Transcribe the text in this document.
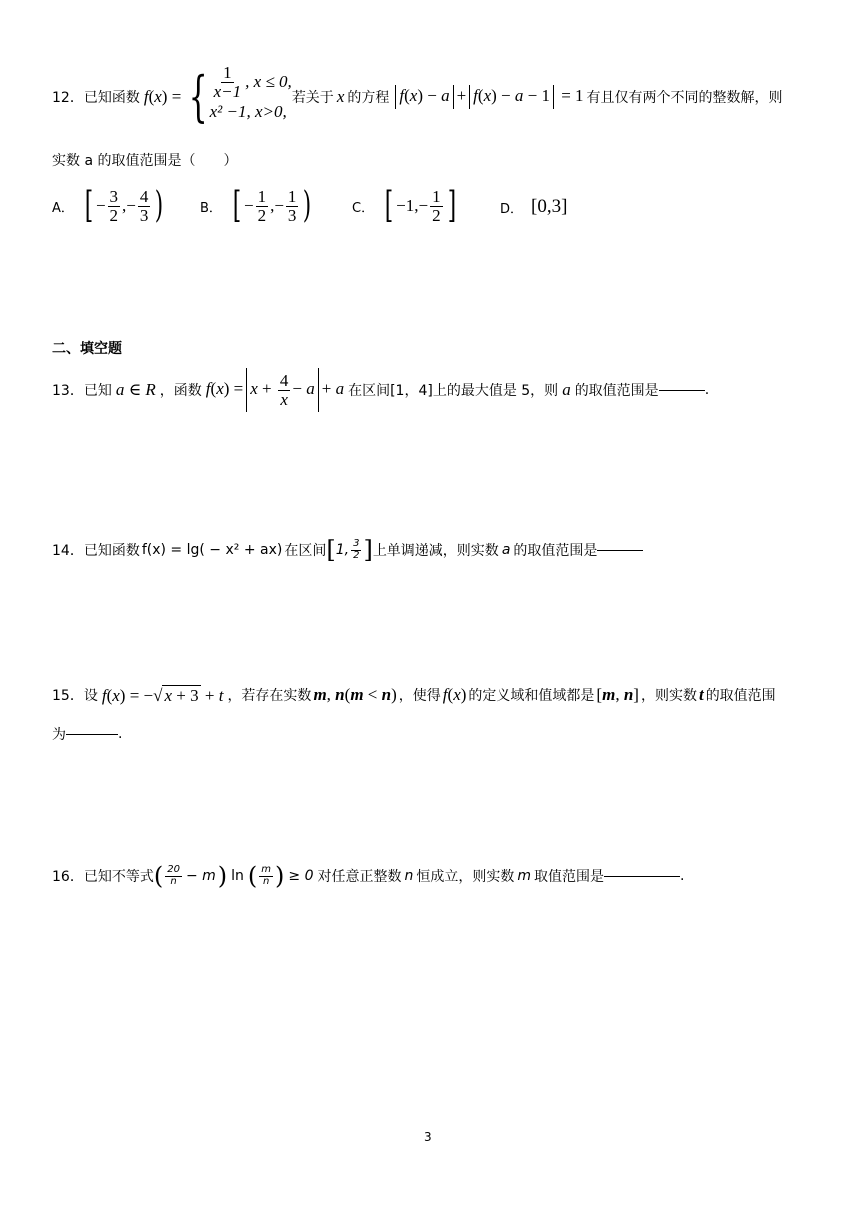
12． 已知函数 f(x) = { $\frac{1}{x-1}$ , x ≤ 0,
x² −1, x>0,
若关于 x 的方程 f(x) − a + f(x) − a − 1 = 1 有且仅有两个不同的整数解，则
实数 a 的取值范围是（　　）
A． [ − $\frac{3}{2}$ ,− $\frac{4}{3}$ )	B． [ − $\frac{1}{2}$ ,− $\frac{1}{3}$ )	C． [ $-1,- \frac{1}{2}$ ]	D． [0,3]
二、填空题
13． 已知 a ∈ R ，函数 $f(x) = x + \frac{4}{x} - a + a$ 在区间[1，4]上的最大值是 5，则 a 的取值范围是	.
14． 已知函数 f(x) = lg( − x² + ax) 在区间 [ 1, $\frac{3}{2}$ ] 上单调递减，则实数 a 的取值范围是
15． 设 f(x) = −√ x + 3 + t ，若存在实数 m, n(m < n) ，使得 f(x) 的定义域和值域都是 [m, n] ，则实数 t 的取值范围
为	.
16． 已知不等式 ( $\frac{20}{n} - m$ ) ln ( $\frac{m}{n}$ ) ≥ 0 对任意正整数 n 恒成立，则实数 m 取值范围是	.
3
